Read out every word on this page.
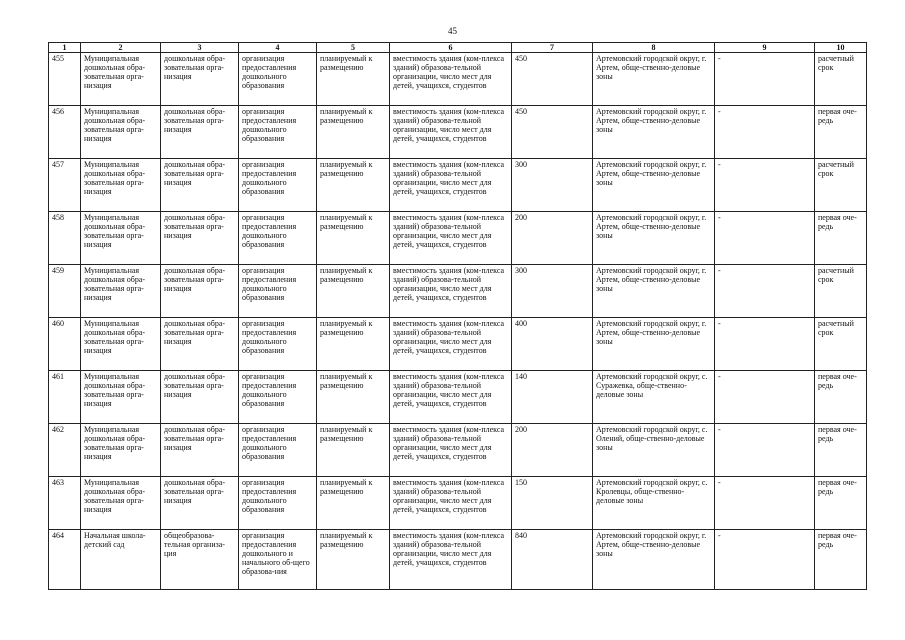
45
1	2	3	4	5	6	7	8	9	10
455	Муниципальная дошкольная обра-зовательная орга-низация	дошкольная обра-зовательная орга-низация	организация предоставления дошкольного образования	планируемый к размещению	вместимость здания (ком-плекса зданий) образова-тельной организации, число мест для детей, учащихся, студентов	450	Артемовский городской округ, г. Артем, обще-ственно-деловые зоны	-	расчетный срок
456	Муниципальная дошкольная обра-зовательная орга-низация	дошкольная обра-зовательная орга-низация	организация предоставления дошкольного образования	планируемый к размещению	вместимость здания (ком-плекса зданий) образова-тельной организации, число мест для детей, учащихся, студентов	450	Артемовский городской округ, г. Артем, обще-ственно-деловые зоны	-	первая оче-редь
457	Муниципальная дошкольная обра-зовательная орга-низация	дошкольная обра-зовательная орга-низация	организация предоставления дошкольного образования	планируемый к размещению	вместимость здания (ком-плекса зданий) образова-тельной организации, число мест для детей, учащихся, студентов	300	Артемовский городской округ, г. Артем, обще-ственно-деловые зоны	-	расчетный срок
458	Муниципальная дошкольная обра-зовательная орга-низация	дошкольная обра-зовательная орга-низация	организация предоставления дошкольного образования	планируемый к размещению	вместимость здания (ком-плекса зданий) образова-тельной организации, число мест для детей, учащихся, студентов	200	Артемовский городской округ, г. Артем, обще-ственно-деловые зоны	-	первая оче-редь
459	Муниципальная дошкольная обра-зовательная орга-низация	дошкольная обра-зовательная орга-низация	организация предоставления дошкольного образования	планируемый к размещению	вместимость здания (ком-плекса зданий) образова-тельной организации, число мест для детей, учащихся, студентов	300	Артемовский городской округ, г. Артем, обще-ственно-деловые зоны	-	расчетный срок
460	Муниципальная дошкольная обра-зовательная орга-низация	дошкольная обра-зовательная орга-низация	организация предоставления дошкольного образования	планируемый к размещению	вместимость здания (ком-плекса зданий) образова-тельной организации, число мест для детей, учащихся, студентов	400	Артемовский городской округ, г. Артем, обще-ственно-деловые зоны	-	расчетный срок
461	Муниципальная дошкольная обра-зовательная орга-низация	дошкольная обра-зовательная орга-низация	организация предоставления дошкольного образования	планируемый к размещению	вместимость здания (ком-плекса зданий) образова-тельной организации, число мест для детей, учащихся, студентов	140	Артемовский городской округ, с. Суражевка, обще-ственно-деловые зоны	-	первая оче-редь
462	Муниципальная дошкольная обра-зовательная орга-низация	дошкольная обра-зовательная орга-низация	организация предоставления дошкольного образования	планируемый к размещению	вместимость здания (ком-плекса зданий) образова-тельной организации, число мест для детей, учащихся, студентов	200	Артемовский городской округ, с. Олений, обще-ственно-деловые зоны	-	первая оче-редь
463	Муниципальная дошкольная обра-зовательная орга-низация	дошкольная обра-зовательная орга-низация	организация предоставления дошкольного образования	планируемый к размещению	вместимость здания (ком-плекса зданий) образова-тельной организации, число мест для детей, учащихся, студентов	150	Артемовский городской округ, с. Кролевцы, обще-ственно-деловые зоны	-	первая оче-редь
464	Начальная школа-детский сад	общеобразова-тельная организа-ция	организация предоставления дошкольного и начального об-щего образова-ния	планируемый к размещению	вместимость здания (ком-плекса зданий) образова-тельной организации, число мест для детей, учащихся, студентов	840	Артемовский городской округ, г. Артем, обще-ственно-деловые зоны	-	первая оче-редь
